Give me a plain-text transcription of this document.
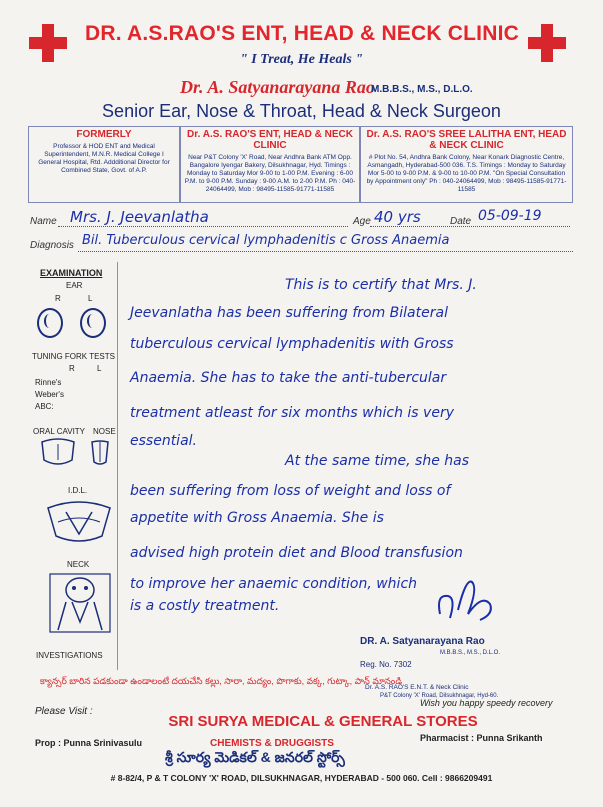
DR. A.S.RAO'S ENT, HEAD & NECK CLINIC
" I Treat, He Heals "
Dr. A. Satyanarayana Rao
M.B.B.S., M.S., D.L.O.
Senior Ear, Nose & Throat, Head & Neck Surgeon
FORMERLY

Professor & HOD ENT and Medical Superintendent, M.N.R. Medical College I General Hospital, Rtd. Addditional Director for Combined State, Govt. of A.P.

Dr. A.S. RAO'S ENT, HEAD & NECK CLINIC

Near P&T Colony 'X' Road, Near Andhra Bank ATM Opp. Bangalore Iyengar Bakery, Dilsukhnagar, Hyd. Timings : Monday to Saturday Mor 9-00 to 1-00 P.M. Evening : 6-00 P.M. to 9-00 P.M. Sunday : 9-00 A.M. to 2-00 P.M. Ph : 040-24064499, Mob : 98495-11585-91771-11585

Dr. A.S. RAO'S SREE LALITHA ENT, HEAD & NECK CLINIC

# Plot No. 54, Andhra Bank Colony, Near Konark Diagnostic Centre, Asmangadh, Hyderabad-500 036. T.S. Timings : Monday to Saturday Mor 5-00 to 9-00 P.M. & 9-00 to 10-00 P.M. "On Special Consultation by Appointment only" Ph : 040-24064499, Mob : 98495-11585-91771-11585

Name Mrs. J. Jeevanlatha	Age 40 yrs	Date 05-09-19
Diagnosis Bil. Tuberculous cervical lymphadenitis c Gross Anaemia
EXAMINATION
EAR
R	L
TUNING FORK TESTS
R	L
Rinne's
Weber's
ABC:
ORAL CAVITY NOSE
I.D.L.
NECK
INVESTIGATIONS
This is to certify that Mrs. J.
Jeevanlatha has been suffering from Bilateral
tuberculous cervical lymphadenitis with Gross
Anaemia. She has to take the anti-tubercular
treatment atleast for six months which is very
essential.
At the same time, she has
been suffering from loss of weight and loss of
appetite with Gross Anaemia. She is
advised high protein diet and Blood transfusion
to improve her anaemic condition, which
is a costly treatment.
DR. A. Satyanarayana Rao
Reg. No. 7302
M.B.B.S., M.S., D.L.O.
Dr. A.S. RAO'S E.N.T. & Neck Clinic
P&T Colony 'X' Road, Dilsukhnagar, Hyd-60.
క్యాన్సర్ బారిన పడకుండా ఉండాలంటే దయచేసి కల్లు, సారా, మద్యం, పొగాకు, వక్క, గుట్కా, పాన్ మానండి
Please Visit :
Wish you happy speedy recovery
SRI SURYA MEDICAL & GENERAL STORES
CHEMISTS & DRUGGISTS
Prop : Punna Srinivasulu	Pharmacist : Punna Srikanth
శ్రీ సూర్య మెడికల్ & జనరల్ స్టోర్స్
# 8-82/4, P & T COLONY 'X' ROAD, DILSUKHNAGAR, HYDERABAD - 500 060. Cell : 9866209491
